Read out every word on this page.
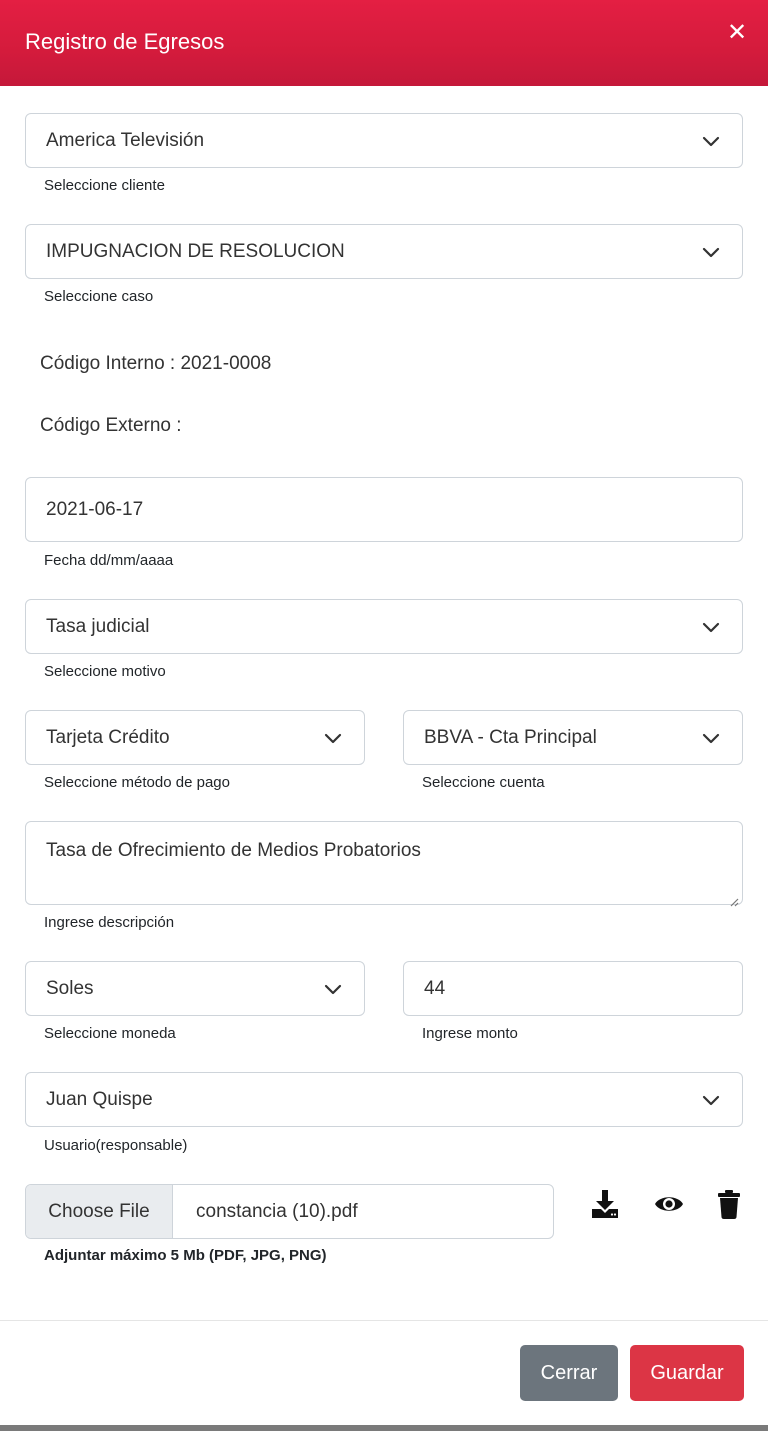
Registro de Egresos	✕
America Televisión
Seleccione cliente
IMPUGNACION DE RESOLUCION
Seleccione caso
Código Interno : 2021-0008
Código Externo :
2021-06-17
Fecha dd/mm/aaaa
Tasa judicial
Seleccione motivo
Tarjeta Crédito
Seleccione método de pago
BBVA - Cta Principal
Seleccione cuenta
Tasa de Ofrecimiento de Medios Probatorios
Ingrese descripción
Soles
Seleccione moneda
44
Ingrese monto
Juan Quispe
Usuario(responsable)
Choose File	constancia (10).pdf
Adjuntar máximo 5 Mb (PDF, JPG, PNG)
Cerrar	Guardar
